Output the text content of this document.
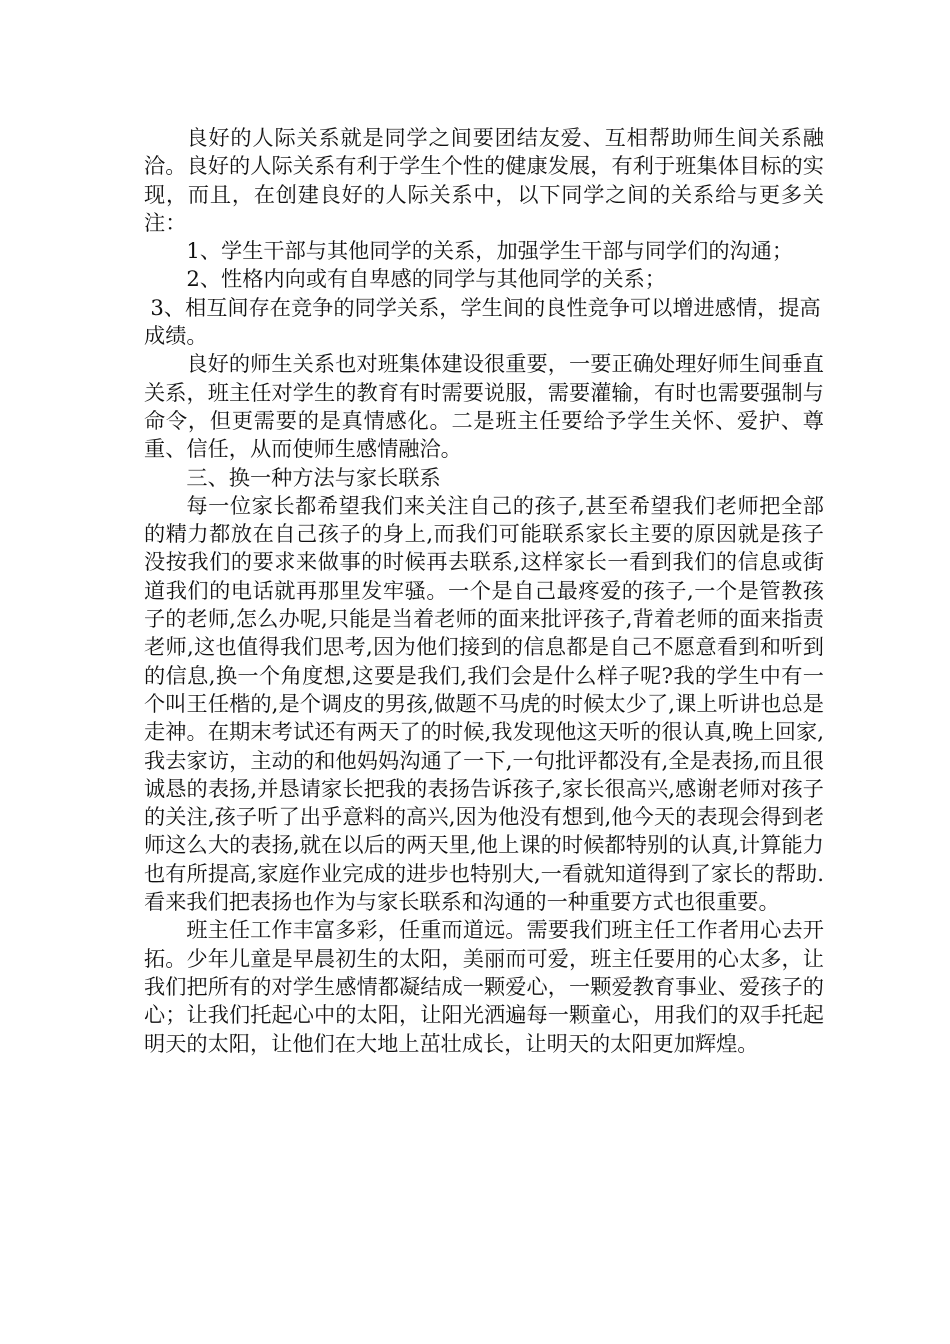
良好的人际关系就是同学之间要团结友爱、互相帮助师生间关系融洽。良好的人际关系有利于学生个性的健康发展，有利于班集体目标的实现，而且，在创建良好的人际关系中，以下同学之间的关系给与更多关注：

1、学生干部与其他同学的关系，加强学生干部与同学们的沟通；

2、性格内向或有自卑感的同学与其他同学的关系；

3、相互间存在竞争的同学关系，学生间的良性竞争可以增进感情，提高成绩。

良好的师生关系也对班集体建设很重要，一要正确处理好师生间垂直关系，班主任对学生的教育有时需要说服，需要灌输，有时也需要强制与命令，但更需要的是真情感化。二是班主任要给予学生关怀、爱护、尊重、信任，从而使师生感情融洽。

三、换一种方法与家长联系

每一位家长都希望我们来关注自己的孩子,甚至希望我们老师把全部的精力都放在自己孩子的身上,而我们可能联系家长主要的原因就是孩子没按我们的要求来做事的时候再去联系,这样家长一看到我们的信息或街道我们的电话就再那里发牢骚。一个是自己最疼爱的孩子,一个是管教孩子的老师,怎么办呢,只能是当着老师的面来批评孩子,背着老师的面来指责老师,这也值得我们思考,因为他们接到的信息都是自己不愿意看到和听到的信息,换一个角度想,这要是我们,我们会是什么样子呢?我的学生中有一个叫王任楷的,是个调皮的男孩,做题不马虎的时候太少了,课上听讲也总是走神。在期末考试还有两天了的时候,我发现他这天听的很认真,晚上回家,我去家访，主动的和他妈妈沟通了一下,一句批评都没有,全是表扬,而且很诚恳的表扬,并恳请家长把我的表扬告诉孩子,家长很高兴,感谢老师对孩子的关注,孩子听了出乎意料的高兴,因为他没有想到,他今天的表现会得到老师这么大的表扬,就在以后的两天里,他上课的时候都特别的认真,计算能力也有所提高,家庭作业完成的进步也特别大,一看就知道得到了家长的帮助.看来我们把表扬也作为与家长联系和沟通的一种重要方式也很重要。

班主任工作丰富多彩，任重而道远。需要我们班主任工作者用心去开拓。少年儿童是早晨初生的太阳，美丽而可爱，班主任要用的心太多，让我们把所有的对学生感情都凝结成一颗爱心，一颗爱教育事业、爱孩子的心；让我们托起心中的太阳，让阳光洒遍每一颗童心，用我们的双手托起明天的太阳，让他们在大地上茁壮成长，让明天的太阳更加辉煌。
